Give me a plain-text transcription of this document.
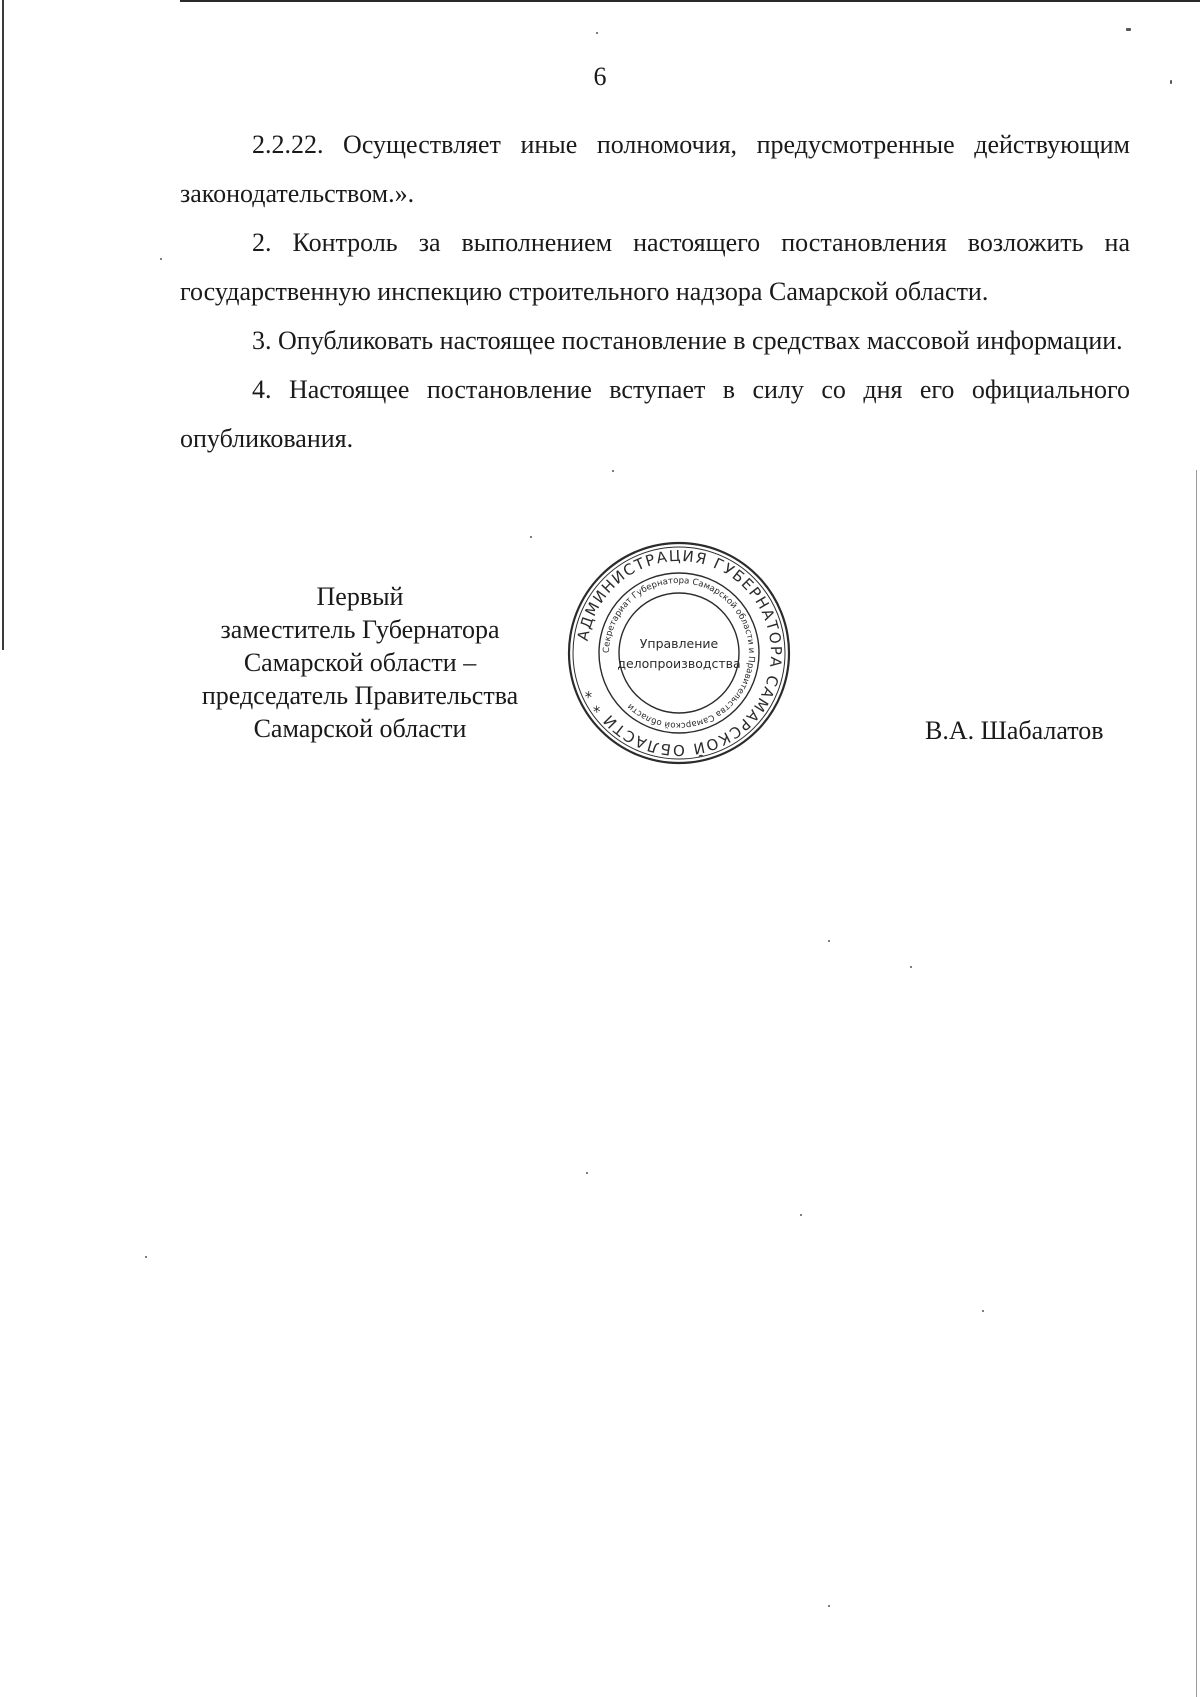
6

2.2.22. Осуществляет иные полномочия, предусмотренные действующим законодательством.».

2. Контроль за выполнением настоящего постановления возложить на государственную инспекцию строительного надзора Самарской области.

3. Опубликовать настоящее постановление в средствах массовой информации.

4. Настоящее постановление вступает в силу со дня его официального опубликования.

Первый
заместитель Губернатора
Самарской области –
председатель Правительства
Самарской области
АДМИНИСТРАЦИЯ ГУБЕРНАТОРА САМАРСКОЙ ОБЛАСТИ * *
Секретариат Губернатора Самарской области и Правительства Самарской области
Управление
делопроизводства
В.А. Шабалатов
